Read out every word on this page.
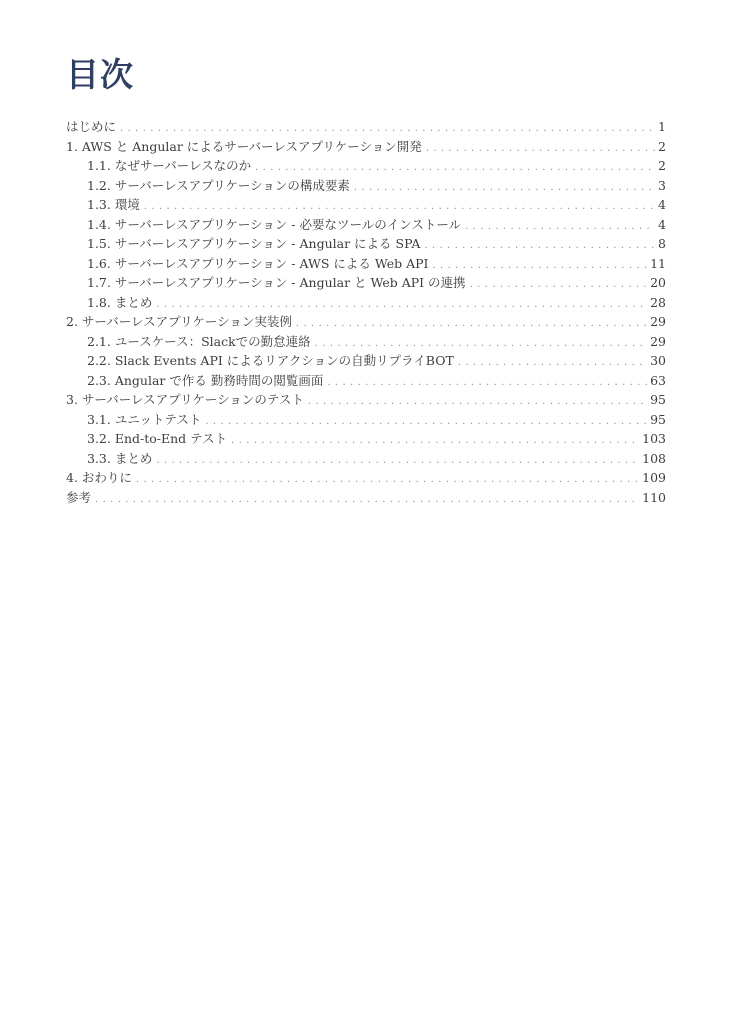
目次
はじめに . . .	1
1. AWS と Angular によるサーバーレスアプリケーション開発 . . .	2
1.1. なぜサーバーレスなのか . . .	2
1.2. サーバーレスアプリケーションの構成要素 . . .	3
1.3. 環境 . . .	4
1.4. サーバーレスアプリケーション - 必要なツールのインストール . . .	4
1.5. サーバーレスアプリケーション - Angular による SPA . . .	8
1.6. サーバーレスアプリケーション - AWS による Web API . . .	11
1.7. サーバーレスアプリケーション - Angular と Web API の連携 . . .	20
1.8. まとめ . . .	28
2. サーバーレスアプリケーション実装例 . . .	29
2.1. ユースケース：Slackでの勤怠連絡 . . .	29
2.2. Slack Events API によるリアクションの自動リプライBOT . . .	30
2.3. Angular で作る 勤務時間の閲覧画面 . . .	63
3. サーバーレスアプリケーションのテスト . . .	95
3.1. ユニットテスト . . .	95
3.2. End-to-End テスト . . .	103
3.3. まとめ . . .	108
4. おわりに . . .	109
参考 . . .	110
